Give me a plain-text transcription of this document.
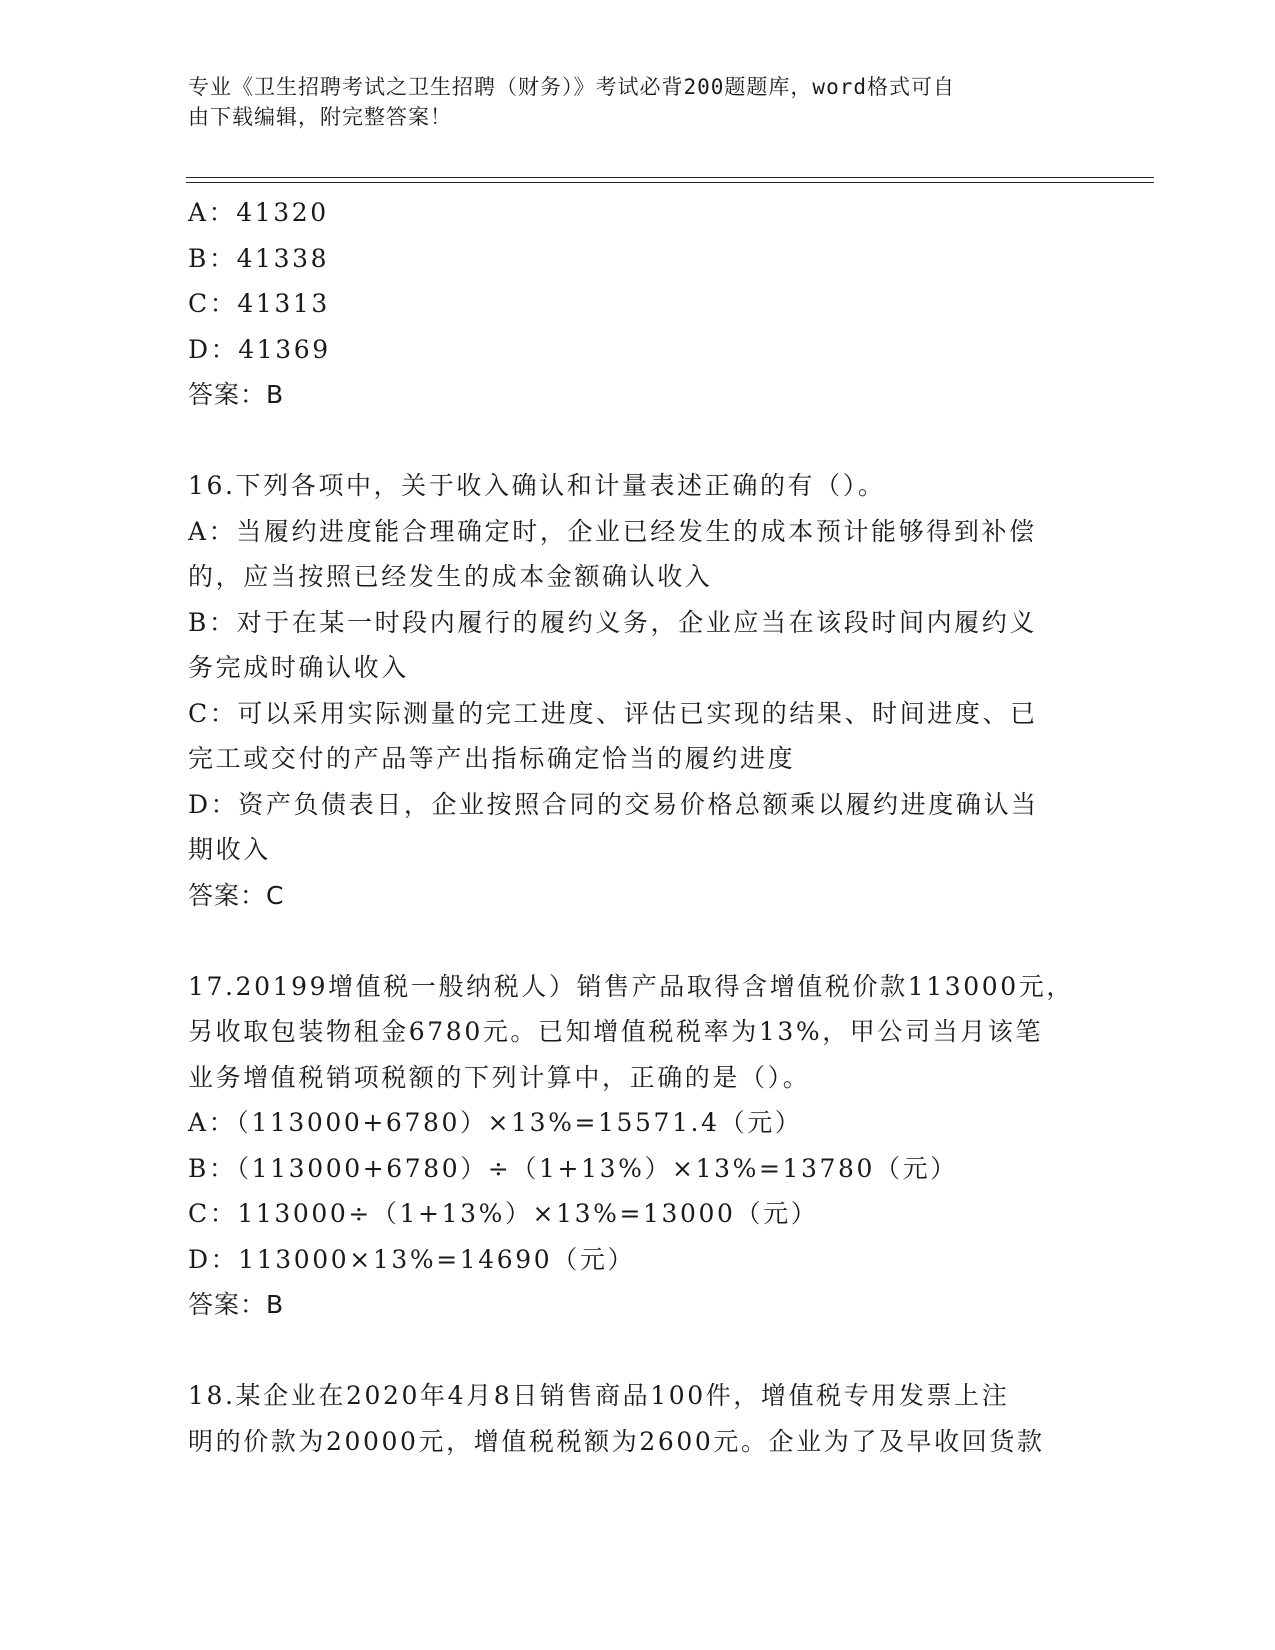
专业《卫生招聘考试之卫生招聘（财务）》考试必背200题题库，word格式可自
由下载编辑，附完整答案！
A：41320
B：41338
C：41313
D：41369
答案：B
16.下列各项中，关于收入确认和计量表述正确的有（）。
A：当履约进度能合理确定时，企业已经发生的成本预计能够得到补偿
的，应当按照已经发生的成本金额确认收入
B：对于在某一时段内履行的履约义务，企业应当在该段时间内履约义
务完成时确认收入
C：可以采用实际测量的完工进度、评估已实现的结果、时间进度、已
完工或交付的产品等产出指标确定恰当的履约进度
D：资产负债表日，企业按照合同的交易价格总额乘以履约进度确认当
期收入
答案：C
17.20199增值税一般纳税人）销售产品取得含增值税价款113000元，
另收取包装物租金6780元。已知增值税税率为13%，甲公司当月该笔
业务增值税销项税额的下列计算中，正确的是（）。
A：（113000+6780）×13%=15571.4（元）
B：（113000+6780）÷（1+13%）×13%=13780（元）
C：113000÷（1+13%）×13%=13000（元）
D：113000×13%=14690（元）
答案：B
18.某企业在2020年4月8日销售商品100件，增值税专用发票上注
明的价款为20000元，增值税税额为2600元。企业为了及早收回货款
